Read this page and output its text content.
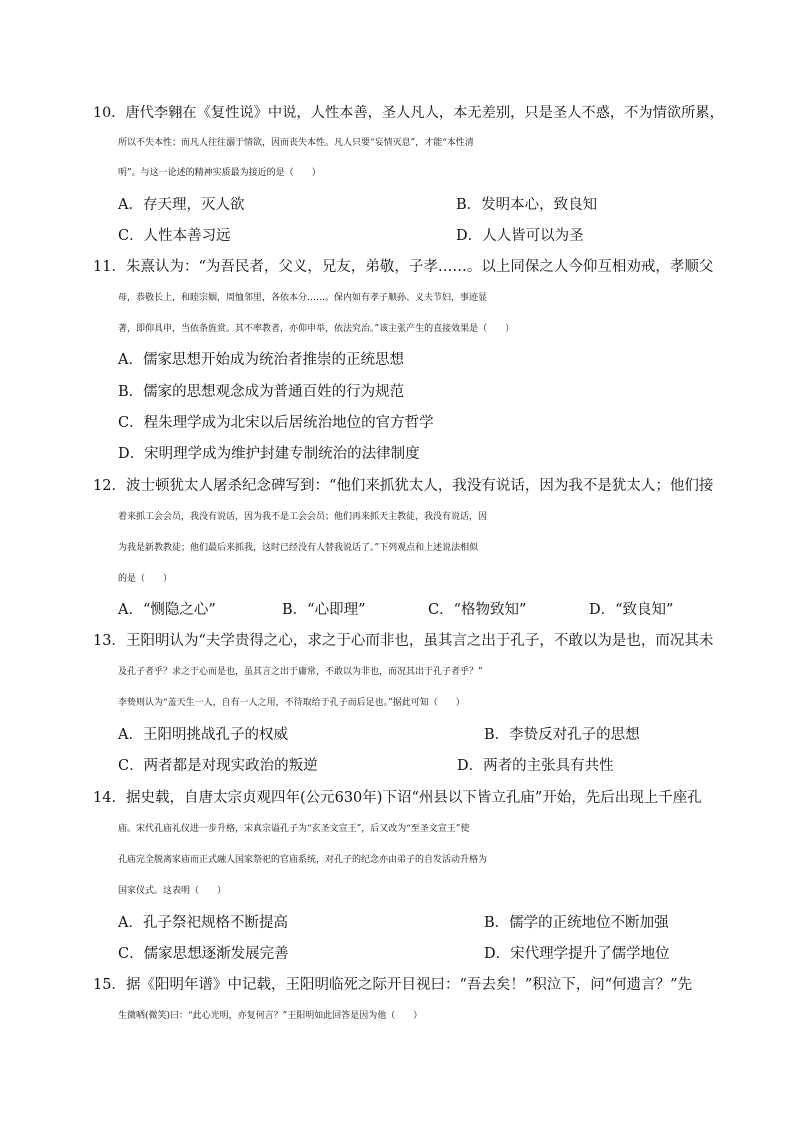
10．唐代李翱在《复性说》中说，人性本善，圣人凡人，本无差别，只是圣人不惑，不为情欲所累，
所以不失本性；而凡人往往溺于情欲，因而丧失本性。凡人只要“妄情灭息”，才能“本性清
明”。与这一论述的精神实质最为接近的是（　　）
A．存天理，灭人欲	B．发明本心，致良知
C．人性本善习远	D．人人皆可以为圣
11．朱熹认为：“为吾民者，父义，兄友，弟敬，子孝……。以上同保之人今仰互相劝戒，孝顺父
母，恭敬长上，和睦宗姻，周恤邻里，各依本分……。保内如有孝子顺孙、义夫节妇，事迹显
著，即仰具申，当依条旌赏。其不率教者，亦仰申举，依法究治。”该主张产生的直接效果是（　　）
A．儒家思想开始成为统治者推崇的正统思想
B．儒家的思想观念成为普通百姓的行为规范
C．程朱理学成为北宋以后居统治地位的官方哲学
D．宋明理学成为维护封建专制统治的法律制度
12．波士顿犹太人屠杀纪念碑写到：“他们来抓犹太人，我没有说话，因为我不是犹太人；他们接
着来抓工会会员，我没有说话，因为我不是工会会员；他们再来抓天主教徒，我没有说话，因
为我是新教教徒；他们最后来抓我，这时已经没有人替我说话了。”下列观点和上述说法相似
的是（　　）
A．“恻隐之心”	B．“心即理”	C．“格物致知”	D．“致良知”
13．王阳明认为“夫学贵得之心，求之于心而非也，虽其言之出于孔子，不敢以为是也，而况其未
及孔子者乎？求之于心而是也，虽其言之出于庸常，不敢以为非也，而况其出于孔子者乎？”
李贽则认为“盖天生一人，自有一人之用，不待取给于孔子而后足也。”据此可知（　　）
A．王阳明挑战孔子的权威	B．李贽反对孔子的思想
C．两者都是对现实政治的叛逆	D．两者的主张具有共性
14．据史载，自唐太宗贞观四年(公元630年)下诏“州县以下皆立孔庙”开始，先后出现上千座孔
庙。宋代孔庙礼仪进一步升格，宋真宗谥孔子为“玄圣文宣王”，后又改为“至圣文宣王”使
孔庙完全脱离家庙而正式融人国家祭祀的官庙系统，对孔子的纪念亦由弟子的自发活动升格为
国家仪式。这表明（　　）
A．孔子祭祀规格不断提高	B．儒学的正统地位不断加强
C．儒家思想逐渐发展完善	D．宋代理学提升了儒学地位
15．据《阳明年谱》中记载，王阳明临死之际开目视曰：“吾去矣！”积泣下，问“何遗言？”先
生微哂(微笑)曰：“此心光明，亦复何言？”王阳明如此回答是因为他（　　）
